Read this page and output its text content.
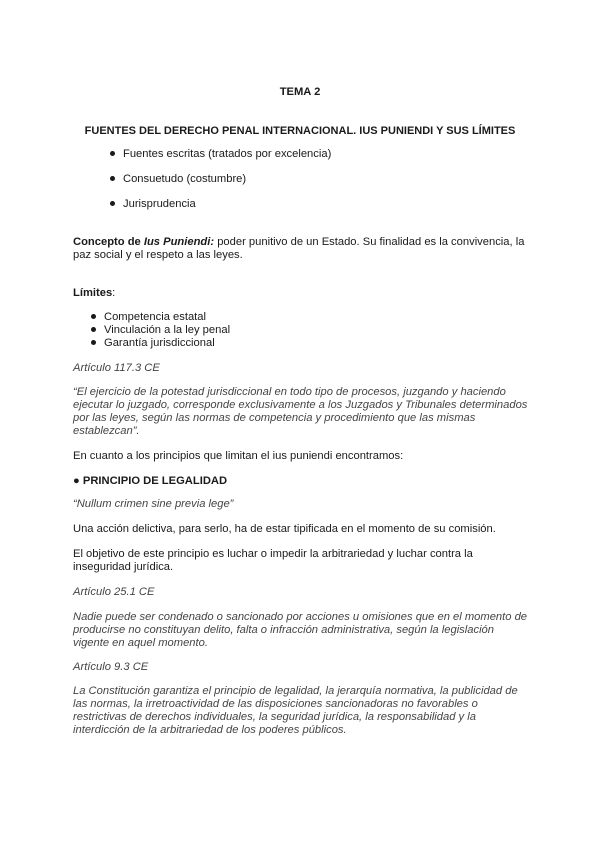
TEMA 2
FUENTES DEL DERECHO PENAL INTERNACIONAL. IUS PUNIENDI Y SUS LÍMITES
Fuentes escritas (tratados por excelencia)
Consuetudo (costumbre)
Jurisprudencia
Concepto de Ius Puniendi: poder punitivo de un Estado. Su finalidad es la convivencia, la paz social y el respeto a las leyes.
Límites:
Competencia estatal
Vinculación a la ley penal
Garantía jurisdiccional
Artículo 117.3 CE
“El ejercicio de la potestad jurisdiccional en todo tipo de procesos, juzgando y haciendo ejecutar lo juzgado, corresponde exclusivamente a los Juzgados y Tribunales determinados por las leyes, según las normas de competencia y procedimiento que las mismas establezcan”.
En cuanto a los principios que limitan el ius puniendi encontramos:
● PRINCIPIO DE LEGALIDAD
“Nullum crimen sine previa lege”
Una acción delictiva, para serlo, ha de estar tipificada en el momento de su comisión.
El objetivo de este principio es luchar o impedir la arbitrariedad y luchar contra la inseguridad jurídica.
Artículo 25.1 CE
Nadie puede ser condenado o sancionado por acciones u omisiones que en el momento de producirse no constituyan delito, falta o infracción administrativa, según la legislación vigente en aquel momento.
Artículo 9.3 CE
La Constitución garantiza el principio de legalidad, la jerarquía normativa, la publicidad de las normas, la irretroactividad de las disposiciones sancionadoras no favorables o restrictivas de derechos individuales, la seguridad jurídica, la responsabilidad y la interdicción de la arbitrariedad de los poderes públicos.
